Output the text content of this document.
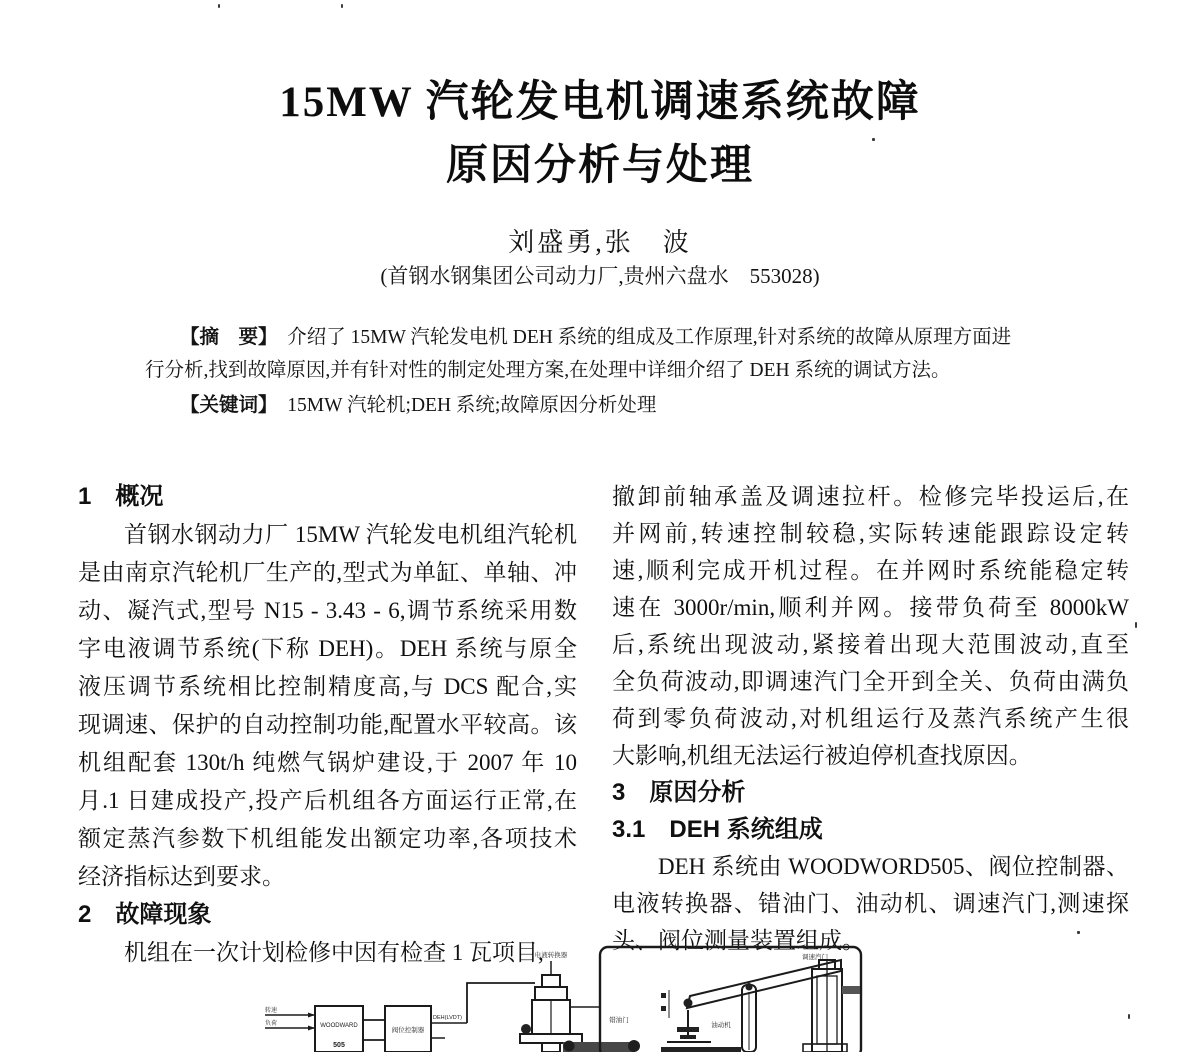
15MW 汽轮发电机调速系统故障
原因分析与处理
刘盛勇,张　波
(首钢水钢集团公司动力厂,贵州六盘水　553028)
【摘　要】　 介绍了 15MW 汽轮发电机 DEH 系统的组成及工作原理,针对系统的故障从原理方面进
行分析,找到故障原因,并有针对性的制定处理方案,在处理中详细介绍了 DEH 系统的调试方法。
【关键词】　 15MW 汽轮机;DEH 系统;故障原因分析处理
1　概况
首钢水钢动力厂 15MW 汽轮发电机组汽轮机
是由南京汽轮机厂生产的,型式为单缸、单轴、冲
动、凝汽式,型号 N15 - 3.43 - 6,调节系统采用数
字电液调节系统(下称 DEH)。DEH 系统与原全
液压调节系统相比控制精度高,与 DCS 配合,实
现调速、保护的自动控制功能,配置水平较高。该
机组配套 130t/h 纯燃气锅炉建设,于 2007 年 10
月.1 日建成投产,投产后机组各方面运行正常,在
额定蒸汽参数下机组能发出额定功率,各项技术
经济指标达到要求。
2　故障现象
机组在一次计划检修中因有检查 1 瓦项目,
撤卸前轴承盖及调速拉杆。检修完毕投运后,在
并网前,转速控制较稳,实际转速能跟踪设定转
速,顺利完成开机过程。在并网时系统能稳定转
速在 3000r/min,顺利并网。接带负荷至 8000kW
后,系统出现波动,紧接着出现大范围波动,直至
全负荷波动,即调速汽门全开到全关、负荷由满负
荷到零负荷波动,对机组运行及蒸汽系统产生很
大影响,机组无法运行被迫停机查找原因。
3　原因分析
3.1　DEH 系统组成
DEH 系统由 WOODWORD505、阀位控制器、
电液转换器、错油门、油动机、调速汽门,测速探
头、阀位测量装置组成。
转速
负荷	WOODWARD
505
阀位控制器
DEH(LVDT)
电液转换器	调速汽门
错油门
油动机
